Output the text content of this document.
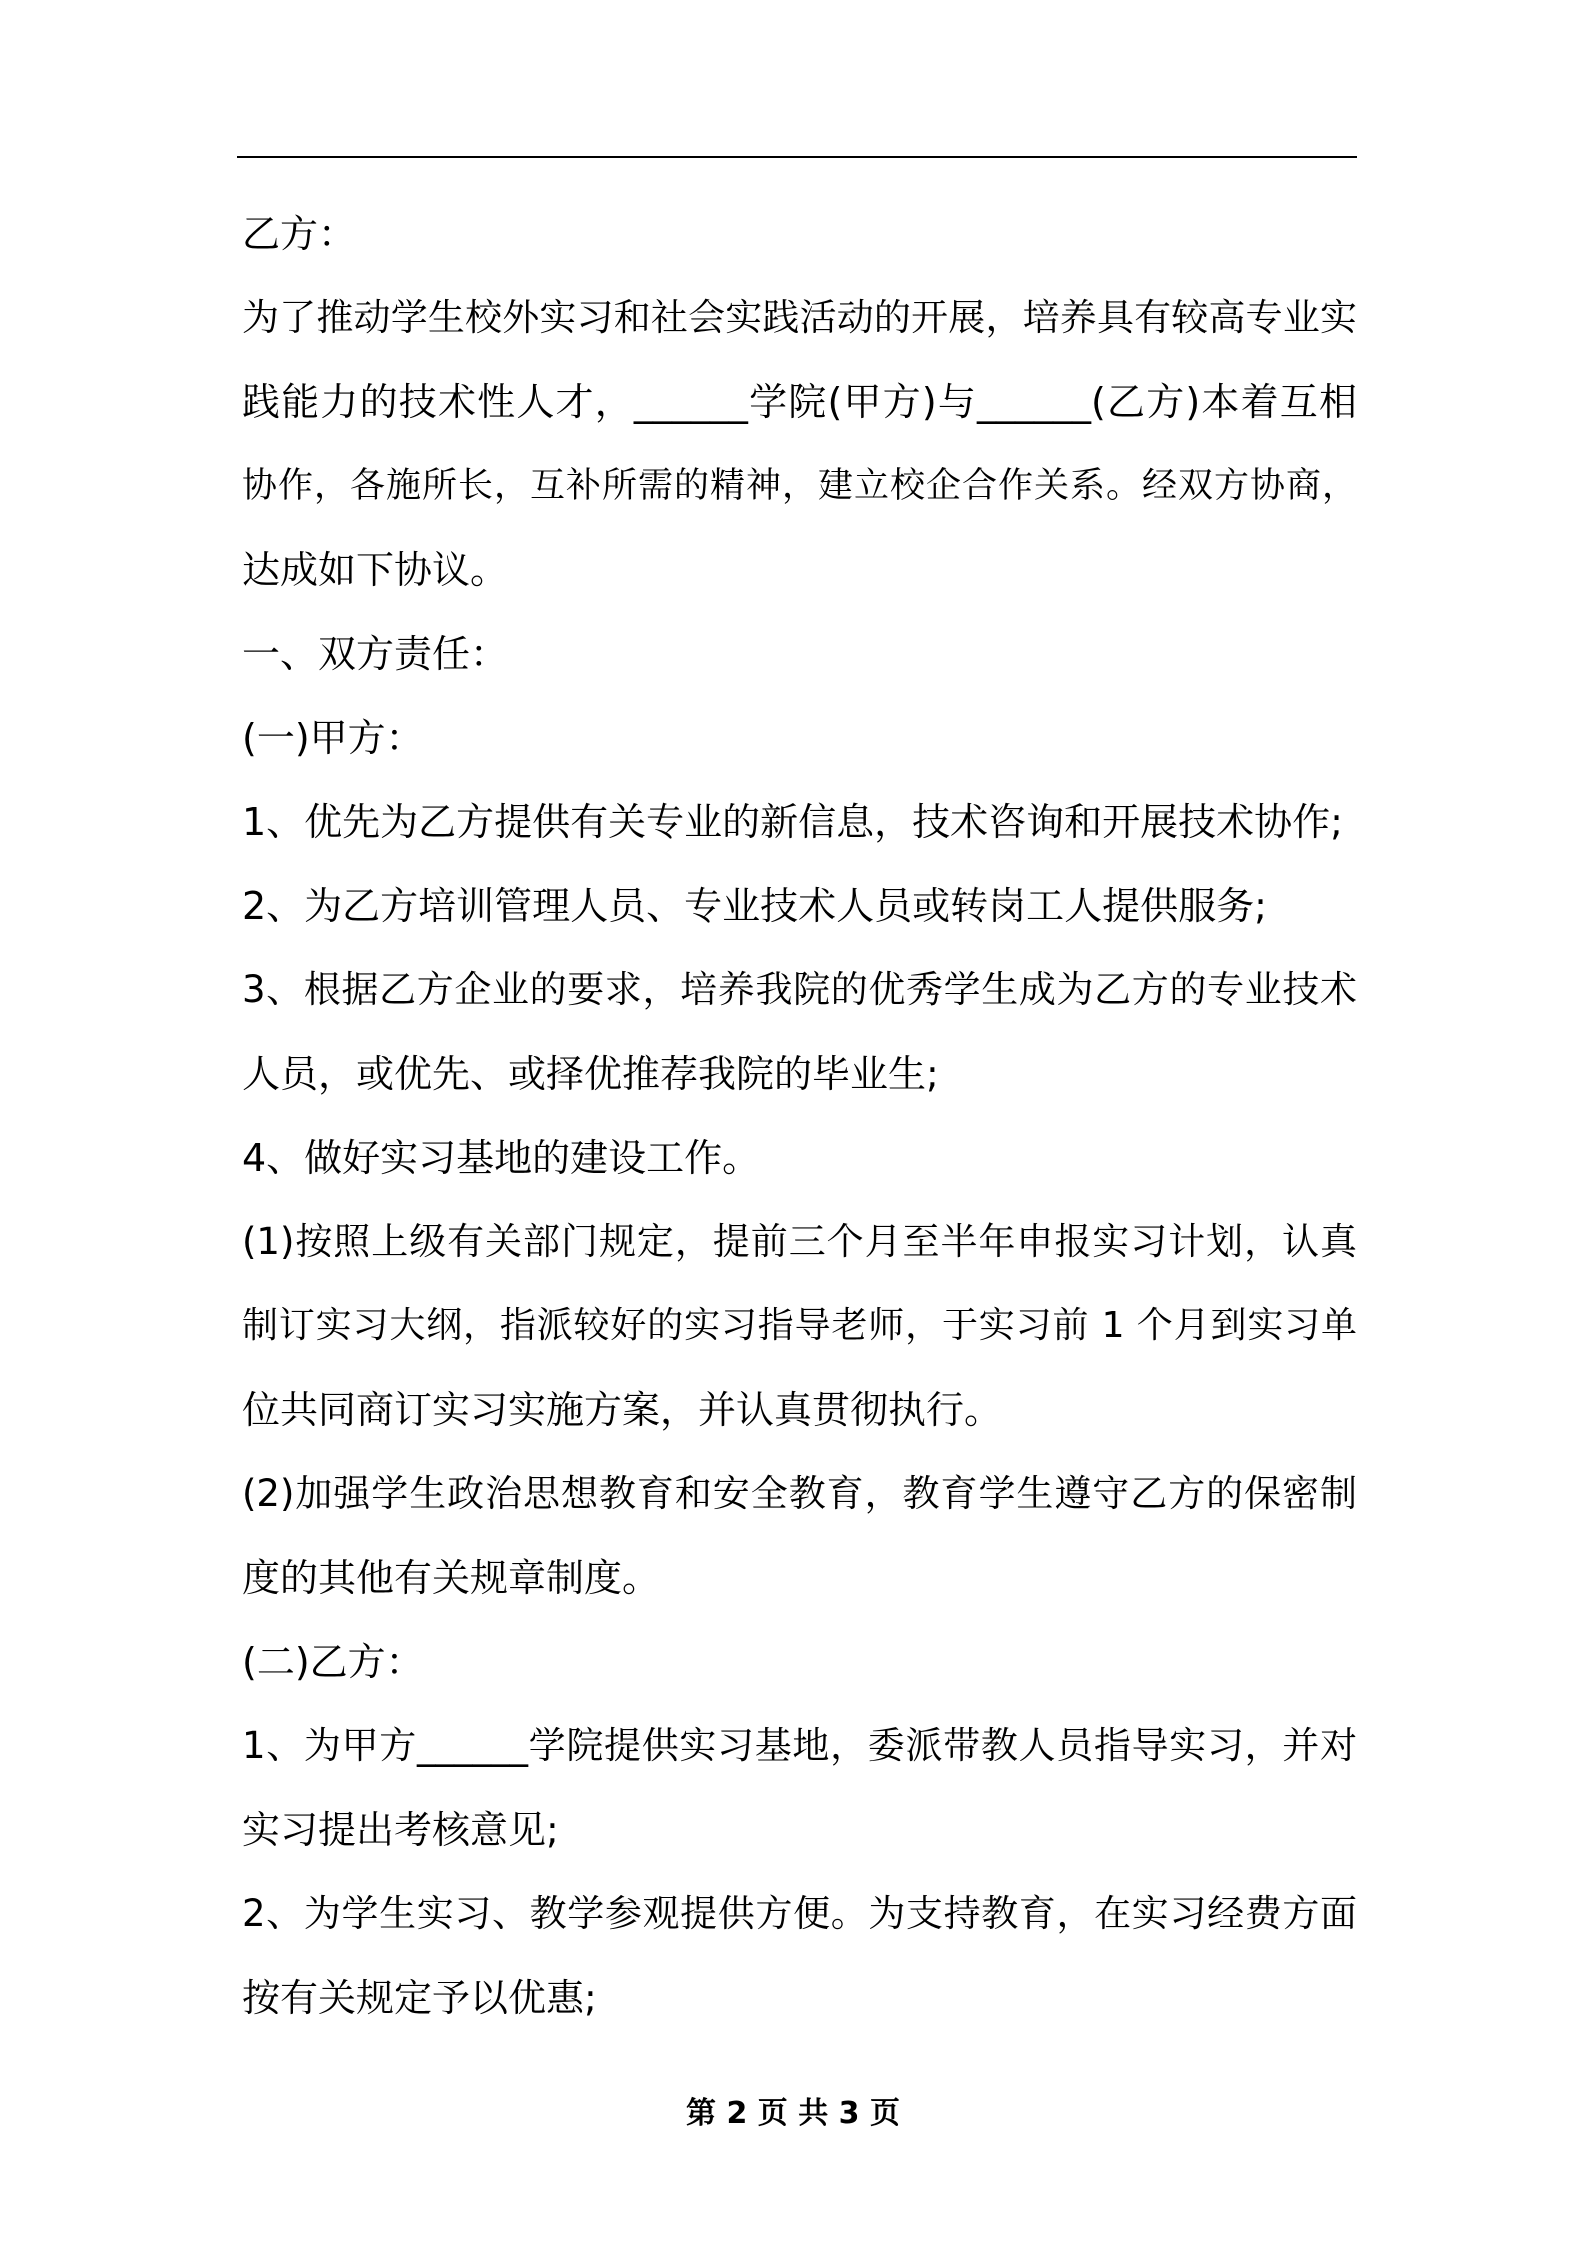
乙方：
为了推动学生校外实习和社会实践活动的开展，培养具有较高专业实
践能力的技术性人才，______学院(甲方)与______(乙方)本着互相
协作，各施所长，互补所需的精神，建立校企合作关系。经双方协商，
达成如下协议。
一、双方责任：
(一)甲方：
1、优先为乙方提供有关专业的新信息，技术咨询和开展技术协作;
2、为乙方培训管理人员、专业技术人员或转岗工人提供服务;
3、根据乙方企业的要求，培养我院的优秀学生成为乙方的专业技术
人员，或优先、或择优推荐我院的毕业生;
4、做好实习基地的建设工作。
(1)按照上级有关部门规定，提前三个月至半年申报实习计划，认真
制订实习大纲，指派较好的实习指导老师，于实习前 1 个月到实习单
位共同商订实习实施方案，并认真贯彻执行。
(2)加强学生政治思想教育和安全教育，教育学生遵守乙方的保密制
度的其他有关规章制度。
(二)乙方：
1、为甲方______学院提供实习基地，委派带教人员指导实习，并对
实习提出考核意见;
2、为学生实习、教学参观提供方便。为支持教育，在实习经费方面
按有关规定予以优惠;
第 2 页 共 3 页
